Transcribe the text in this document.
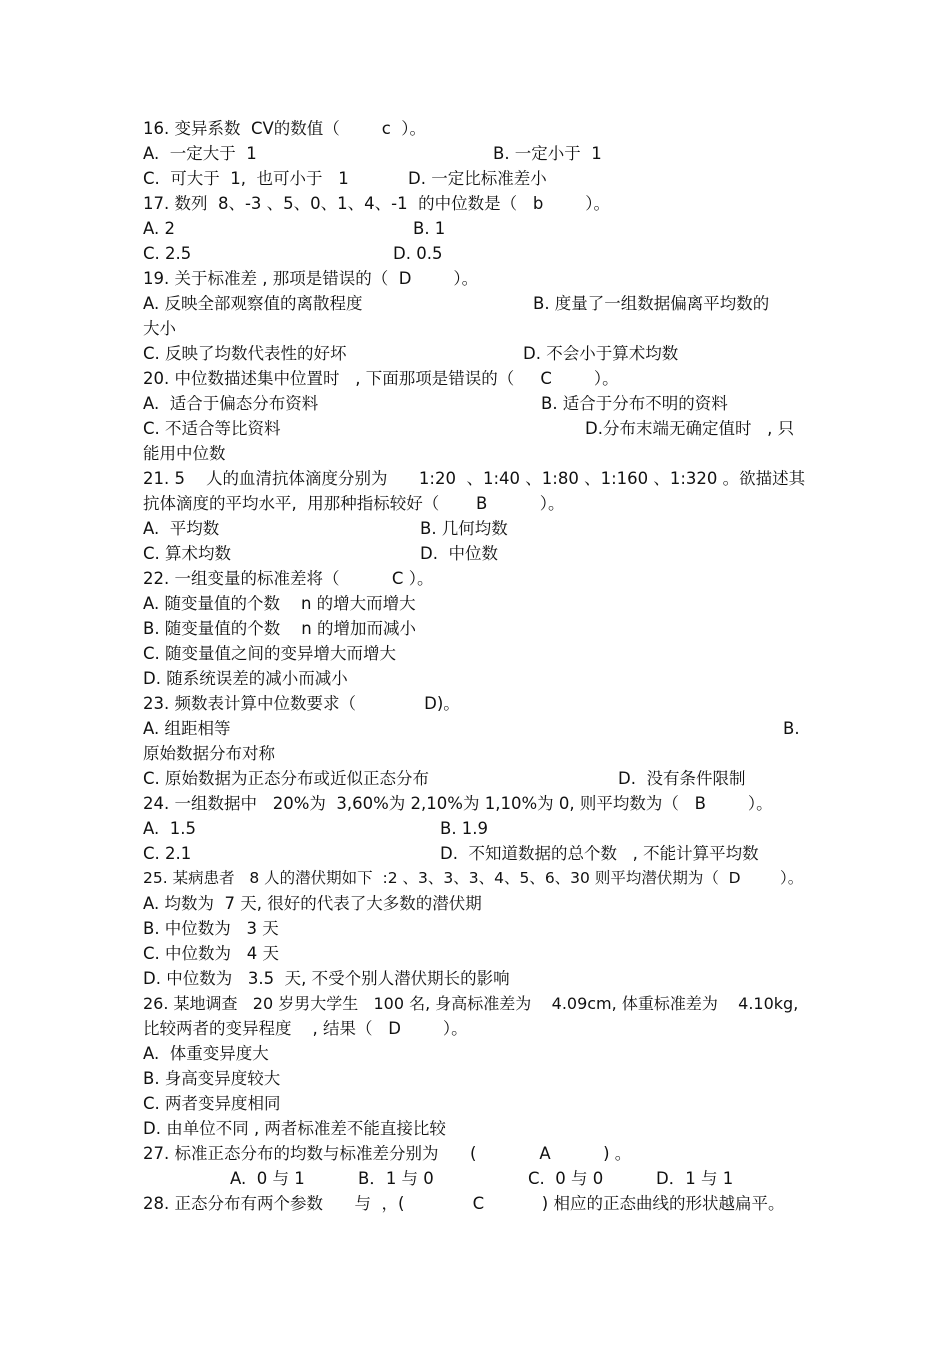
16. 变异系数  CV的数值（        c  ）。
A.  一定大于  1	B. 一定小于  1
C.  可大于  1,  也可小于   1	D. 一定比标准差小
17. 数列  8、-3 、5、0、1、4、-1  的中位数是（   b        ）。
A. 2	B. 1
C. 2.5	D. 0.5
19. 关于标准差 , 那项是错误的（  D        ）。
A. 反映全部观察值的离散程度	B. 度量了一组数据偏离平均数的
大小
C. 反映了均数代表性的好坏	D. 不会小于算术均数
20. 中位数描述集中位置时   , 下面那项是错误的（     C        ）。
A.  适合于偏态分布资料	B. 适合于分布不明的资料
C. 不适合等比资料	D.分布末端无确定值时   , 只
能用中位数
21. 5    人的血清抗体滴度分别为      1:20  、1:40 、1:80 、1:160 、1:320 。欲描述其
抗体滴度的平均水平,  用那种指标较好（       B          ）。
A.  平均数	B. 几何均数
C. 算术均数	D.  中位数
22. 一组变量的标准差将（          C ）。
A. 随变量值的个数    n 的增大而增大
B. 随变量值的个数    n 的增加而减小
C. 随变量值之间的变异增大而增大
D. 随系统误差的减小而减小
23. 频数表计算中位数要求（             D)。
A. 组距相等	B.
原始数据分布对称
C. 原始数据为正态分布或近似正态分布	D.  没有条件限制
24. 一组数据中   20%为  3,60%为 2,10%为 1,10%为 0, 则平均数为（   B        ）。
A.  1.5	B. 1.9
C. 2.1	D.  不知道数据的总个数   , 不能计算平均数
25. 某病患者   8 人的潜伏期如下  :2 、3、3、3、4、5、6、30 则平均潜伏期为（  D        ）。
A. 均数为  7 天, 很好的代表了大多数的潜伏期
B. 中位数为   3 天
C. 中位数为   4 天
D. 中位数为   3.5  天, 不受个别人潜伏期长的影响
26. 某地调查   20 岁男大学生   100 名, 身高标准差为    4.09cm, 体重标准差为    4.10kg,
比较两者的变异程度    , 结果（   D        ）。
A.  体重变异度大
B. 身高变异度较大
C. 两者变异度相同
D. 由单位不同 , 两者标准差不能直接比较
27. 标准正态分布的均数与标准差分别为      (            A          ) 。
A.  0 与 1	B．1 与 0	C.  0 与 0	D．1 与 1
28. 正态分布有两个参数      与  ，(             C           ) 相应的正态曲线的形状越扁平。
